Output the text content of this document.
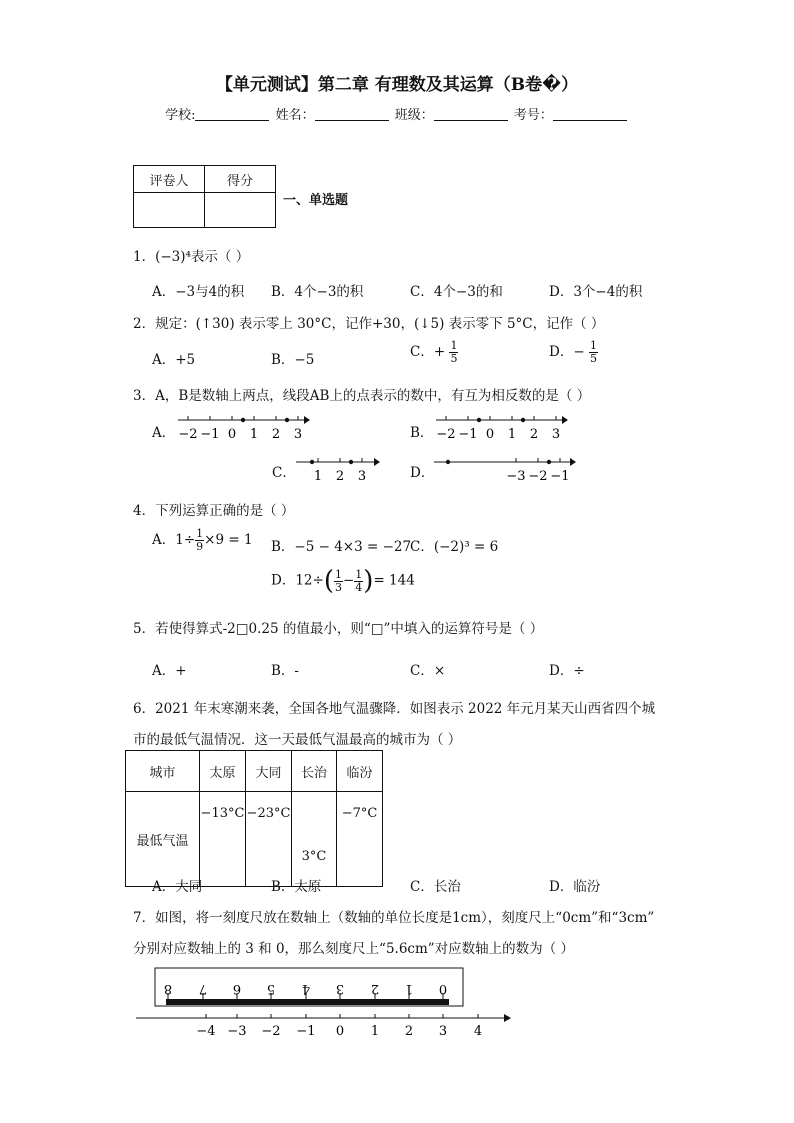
【单元测试】第二章 有理数及其运算（B卷�）
学校:	姓名：	班级：	考号：
评卷人	得分

一、单选题
1．(−3)⁴表示（ ）
A．−3与4的积 B．4个−3的积	C．4个−3的和	D．3个−4的积
2．规定：(↑30) 表示零上 30°C，记作+30，(↓5) 表示零下 5°C，记作（ ）
A．+5	B．−5	C．+ $\frac{1}{5}$	D．− $\frac{1}{5}$
3．A，B是数轴上两点，线段AB上的点表示的数中，有互为相反数的是（ ）
A． −2 −1 0 1 2 3	B． −2 −1 0 1 2 3
C． 1 2 3	D．	−3 −2 −1
4．下列运算正确的是（ ）
A．$1\div \frac{1}{9} \times 9 = 1$ B．−5 − 4×3 = −27
C．(−2)³ = 6
D．$12\div( \frac{1}{3} - \frac{1}{4}$ )= 144
5．若使得算式-2□0.25 的值最小，则“□”中填入的运算符号是（ ）
A．+	B．-	C．×	D．÷
6．2021 年末寒潮来袭，全国各地气温骤降．如图表示 2022 年元月某天山西省四个城
市的最低气温情况．这一天最低气温最高的城市为（ ）
城市	太原	大同	长治	临汾
最低气温	−13°C	−23°C	3°C	−7°C
A．大同	B．太原	C．长治	D．临汾
7．如图，将一刻度尺放在数轴上（数轴的单位长度是1cm），刻度尺上“0cm”和“3cm”
分别对应数轴上的 3 和 0，那么刻度尺上“5.6cm”对应数轴上的数为（ ）
8 7 6 5 4 3 2 1 0
−4 −3 −2 −1 0 1 2 3 4
